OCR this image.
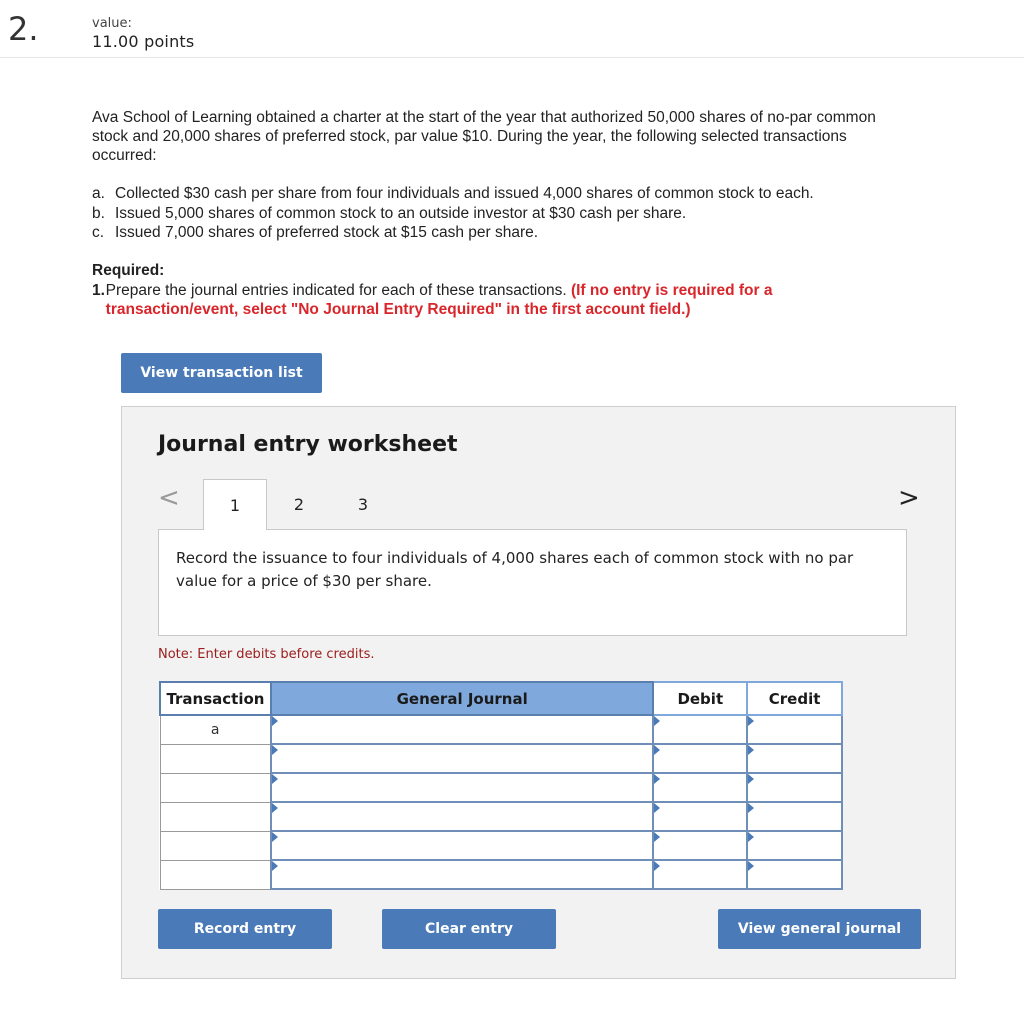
2.	value:
11.00 points
Ava School of Learning obtained a charter at the start of the year that authorized 50,000 shares of no-par common stock and 20,000 shares of preferred stock, par value $10. During the year, the following selected transactions occurred:
a. Collected $30 cash per share from four individuals and issued 4,000 shares of common stock to each.
b. Issued 5,000 shares of common stock to an outside investor at $30 cash per share.
c. Issued 7,000 shares of preferred stock at $15 cash per share.
Required:
1. Prepare the journal entries indicated for each of these transactions. (If no entry is required for a transaction/event, select "No Journal Entry Required" in the first account field.)
View transaction list
Journal entry worksheet
<	1	2	3	>
Record the issuance to four individuals of 4,000 shares each of common stock with no par value for a price of $30 per share.
Note: Enter debits before credits.
Transaction	General Journal	Debit	Credit
a	

Record entry	Clear entry	View general journal
